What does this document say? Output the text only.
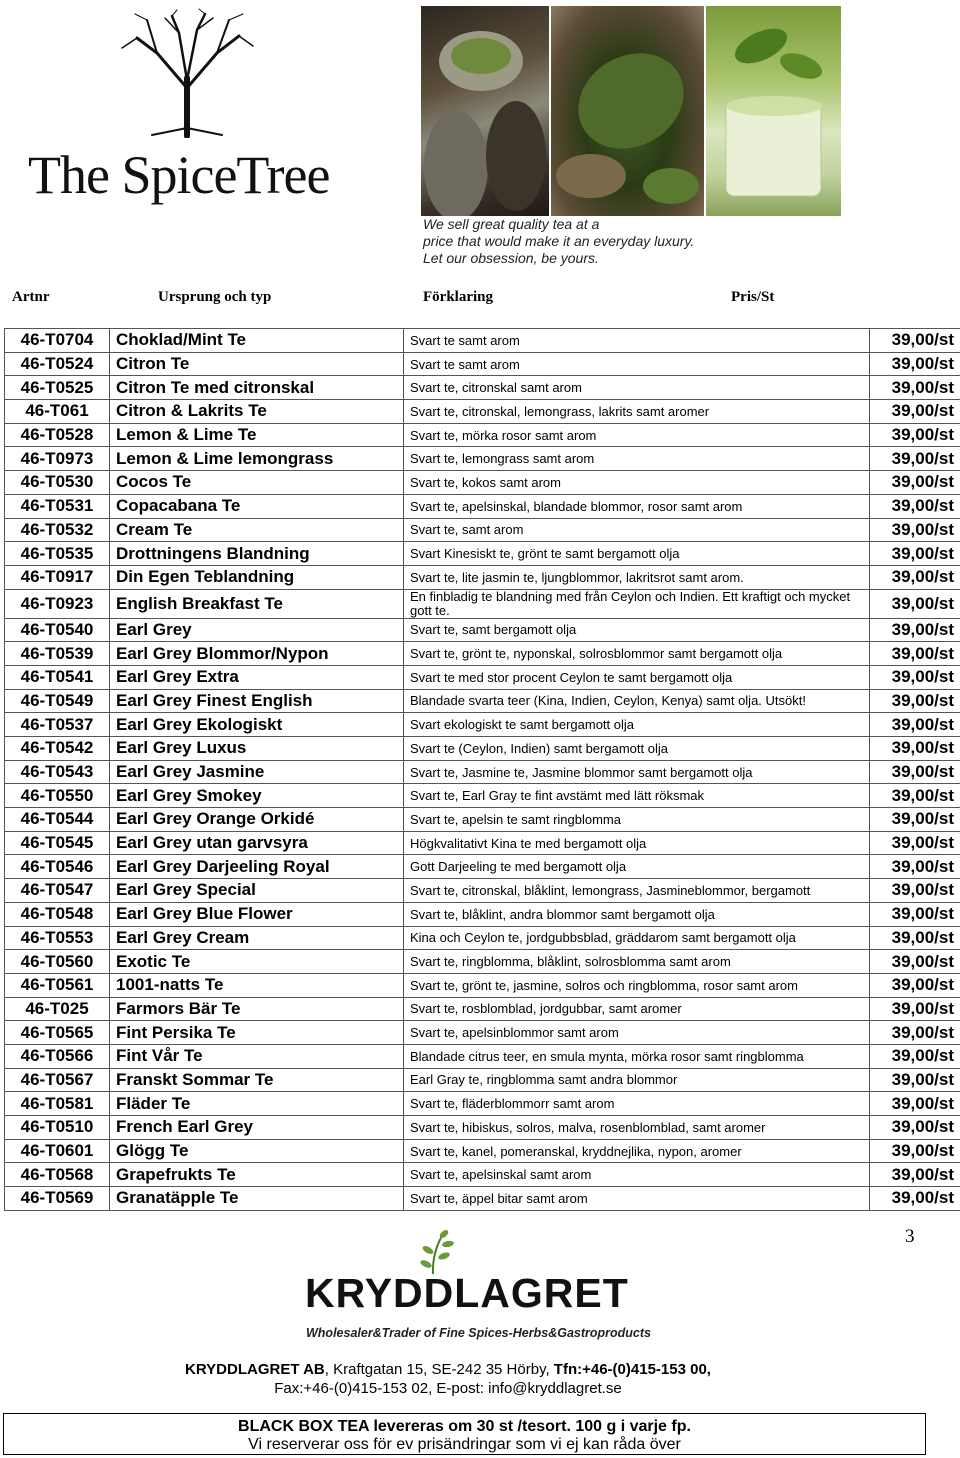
The SpiceTree
We sell great quality tea at a
price that would make it an everyday luxury.
Let our obsession, be yours.
Artnr	Ursprung och typ	Förklaring	Pris/St
46-T0704	Choklad/Mint Te	Svart te samt arom	39,00/st
46-T0524	Citron Te	Svart te samt arom	39,00/st
46-T0525	Citron Te med citronskal	Svart te, citronskal samt arom	39,00/st
46-T061	Citron & Lakrits Te	Svart te, citronskal, lemongrass, lakrits samt aromer	39,00/st
46-T0528	Lemon & Lime Te	Svart te, mörka rosor samt arom	39,00/st
46-T0973	Lemon & Lime lemongrass	Svart te, lemongrass samt arom	39,00/st
46-T0530	Cocos Te	Svart te, kokos samt arom	39,00/st
46-T0531	Copacabana Te	Svart te, apelsinskal, blandade blommor, rosor samt arom	39,00/st
46-T0532	Cream Te	Svart te, samt arom	39,00/st
46-T0535	Drottningens Blandning	Svart Kinesiskt te, grönt te samt bergamott olja	39,00/st
46-T0917	Din Egen Teblandning	Svart te, lite jasmin te, ljungblommor, lakritsrot samt arom.	39,00/st
46-T0923	English Breakfast Te	En finbladig te blandning med från Ceylon och Indien. Ett kraftigt och mycket gott te.	39,00/st
46-T0540	Earl Grey	Svart te, samt bergamott olja	39,00/st
46-T0539	Earl Grey Blommor/Nypon	Svart te, grönt te, nyponskal, solrosblommor samt bergamott olja	39,00/st
46-T0541	Earl Grey Extra	Svart te med stor procent Ceylon te samt bergamott olja	39,00/st
46-T0549	Earl Grey Finest English	Blandade svarta teer (Kina, Indien, Ceylon, Kenya) samt olja. Utsökt!	39,00/st
46-T0537	Earl Grey Ekologiskt	Svart ekologiskt te samt bergamott olja	39,00/st
46-T0542	Earl Grey Luxus	Svart te (Ceylon, Indien) samt bergamott olja	39,00/st
46-T0543	Earl Grey Jasmine	Svart te, Jasmine te, Jasmine blommor samt bergamott olja	39,00/st
46-T0550	Earl Grey Smokey	Svart te, Earl Gray te fint avstämt med lätt röksmak	39,00/st
46-T0544	Earl Grey Orange Orkidé	Svart te, apelsin te samt ringblomma	39,00/st
46-T0545	Earl Grey utan garvsyra	Högkvalitativt Kina te med bergamott olja	39,00/st
46-T0546	Earl Grey Darjeeling Royal	Gott Darjeeling te med bergamott olja	39,00/st
46-T0547	Earl Grey Special	Svart te, citronskal, blåklint, lemongrass, Jasmineblommor, bergamott	39,00/st
46-T0548	Earl Grey Blue Flower	Svart te, blåklint, andra blommor samt bergamott olja	39,00/st
46-T0553	Earl Grey Cream	Kina och Ceylon te, jordgubbsblad, gräddarom samt bergamott olja	39,00/st
46-T0560	Exotic Te	Svart te, ringblomma, blåklint, solrosblomma samt arom	39,00/st
46-T0561	1001-natts Te	Svart te, grönt te, jasmine, solros och ringblomma, rosor samt arom	39,00/st
46-T025	Farmors Bär Te	Svart te, rosblomblad, jordgubbar, samt aromer	39,00/st
46-T0565	Fint Persika Te	Svart te, apelsinblommor samt arom	39,00/st
46-T0566	Fint Vår Te	Blandade citrus teer, en smula mynta, mörka rosor samt ringblomma	39,00/st
46-T0567	Franskt Sommar Te	Earl Gray te, ringblomma samt andra blommor	39,00/st
46-T0581	Fläder Te	Svart te, fläderblommorr samt arom	39,00/st
46-T0510	French Earl Grey	Svart te, hibiskus, solros, malva, rosenblomblad, samt aromer	39,00/st
46-T0601	Glögg Te	Svart te, kanel, pomeranskal, kryddnejlika, nypon, aromer	39,00/st
46-T0568	Grapefrukts Te	Svart te, apelsinskal samt arom	39,00/st
46-T0569	Granatäpple Te	Svart te, äppel bitar samt arom	39,00/st
3
KRYDDLAGRET
Wholesaler&Trader of Fine Spices-Herbs&Gastroproducts
KRYDDLAGRET AB, Kraftgatan 15, SE-242 35 Hörby, Tfn:+46-(0)415-153 00,
Fax:+46-(0)415-153 02, E-post: info@kryddlagret.se
BLACK BOX TEA levereras om 30 st /tesort. 100 g i varje fp.
Vi reserverar oss för ev prisändringar som vi ej kan råda över
